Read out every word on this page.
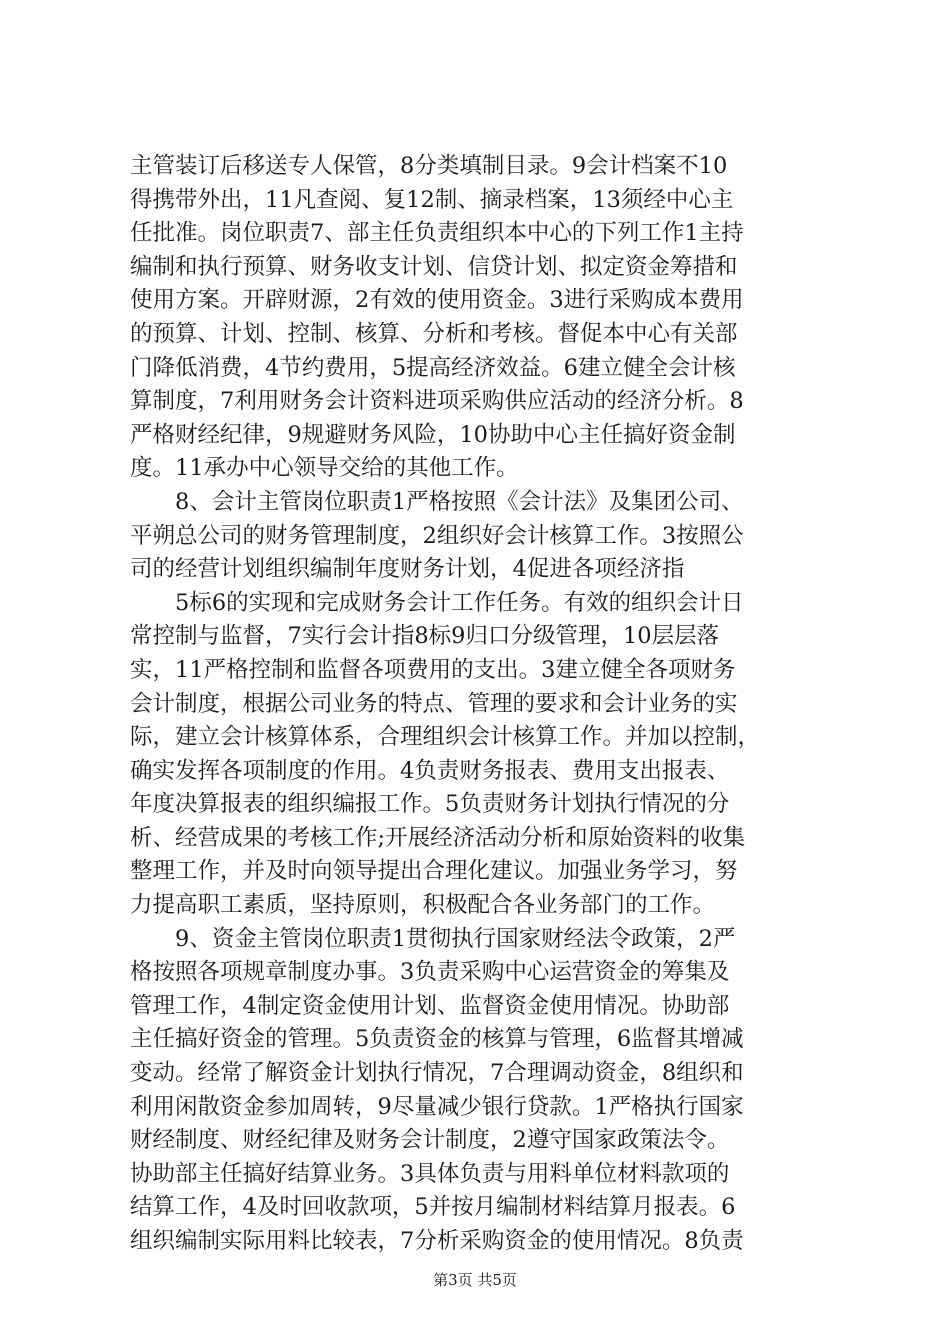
主管装订后移送专人保管，8分类填制目录。9会计档案不10
得携带外出，11凡查阅、复12制、摘录档案，13须经中心主
任批准。岗位职责7、部主任负责组织本中心的下列工作1主持
编制和执行预算、财务收支计划、信贷计划、拟定资金筹措和
使用方案。开辟财源，2有效的使用资金。3进行采购成本费用
的预算、计划、控制、核算、分析和考核。督促本中心有关部
门降低消费，4节约费用，5提高经济效益。6建立健全会计核
算制度，7利用财务会计资料进项采购供应活动的经济分析。8
严格财经纪律，9规避财务风险，10协助中心主任搞好资金制
度。11承办中心领导交给的其他工作。
　　8、会计主管岗位职责1严格按照《会计法》及集团公司、
平朔总公司的财务管理制度，2组织好会计核算工作。3按照公
司的经营计划组织编制年度财务计划，4促进各项经济指
　　5标6的实现和完成财务会计工作任务。有效的组织会计日
常控制与监督，7实行会计指8标9归口分级管理，10层层落
实，11严格控制和监督各项费用的支出。3建立健全各项财务
会计制度，根据公司业务的特点、管理的要求和会计业务的实
际，建立会计核算体系，合理组织会计核算工作。并加以控制，
确实发挥各项制度的作用。4负责财务报表、费用支出报表、
年度决算报表的组织编报工作。5负责财务计划执行情况的分
析、经营成果的考核工作;开展经济活动分析和原始资料的收集
整理工作，并及时向领导提出合理化建议。加强业务学习，努
力提高职工素质，坚持原则，积极配合各业务部门的工作。
　　9、资金主管岗位职责1贯彻执行国家财经法令政策，2严
格按照各项规章制度办事。3负责采购中心运营资金的筹集及
管理工作，4制定资金使用计划、监督资金使用情况。协助部
主任搞好资金的管理。5负责资金的核算与管理，6监督其增减
变动。经常了解资金计划执行情况，7合理调动资金，8组织和
利用闲散资金参加周转，9尽量减少银行贷款。1严格执行国家
财经制度、财经纪律及财务会计制度，2遵守国家政策法令。
协助部主任搞好结算业务。3具体负责与用料单位材料款项的
结算工作，4及时回收款项，5并按月编制材料结算月报表。6
组织编制实际用料比较表，7分析采购资金的使用情况。8负责
第3页 共5页
